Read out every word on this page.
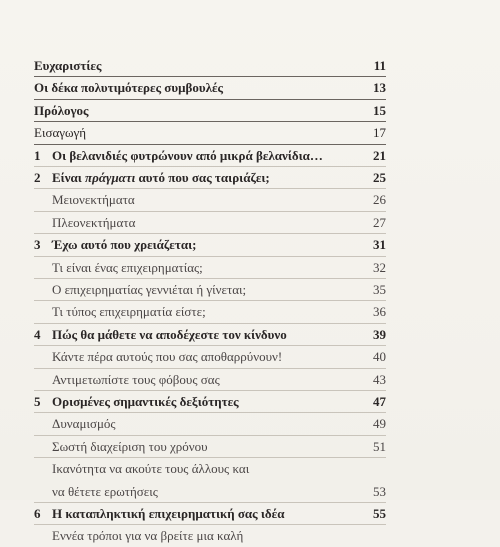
Ευχαριστίες	11
Οι δέκα πολυτιμότερες συμβουλές	13
Πρόλογος	15
Εισαγωγή	17
1 Οι βελανιδιές φυτρώνουν από μικρά βελανίδια…	21
2 Είναι πράγματι αυτό που σας ταιριάζει;	25
Μειονεκτήματα	26
Πλεονεκτήματα	27
3 Έχω αυτό που χρειάζεται;	31
Τι είναι ένας επιχειρηματίας;	32
Ο επιχειρηματίας γεννιέται ή γίνεται;	35
Τι τύπος επιχειρηματία είστε;	36
4 Πώς θα μάθετε να αποδέχεστε τον κίνδυνο	39
Κάντε πέρα αυτούς που σας αποθαρρύνουν!	40
Αντιμετωπίστε τους φόβους σας	43
5 Ορισμένες σημαντικές δεξιότητες	47
Δυναμισμός	49
Σωστή διαχείριση του χρόνου	51
Ικανότητα να ακούτε τους άλλους και
να θέτετε ερωτήσεις	53
6 Η καταπληκτική επιχειρηματική σας ιδέα	55
Εννέα τρόποι για να βρείτε μια καλή
